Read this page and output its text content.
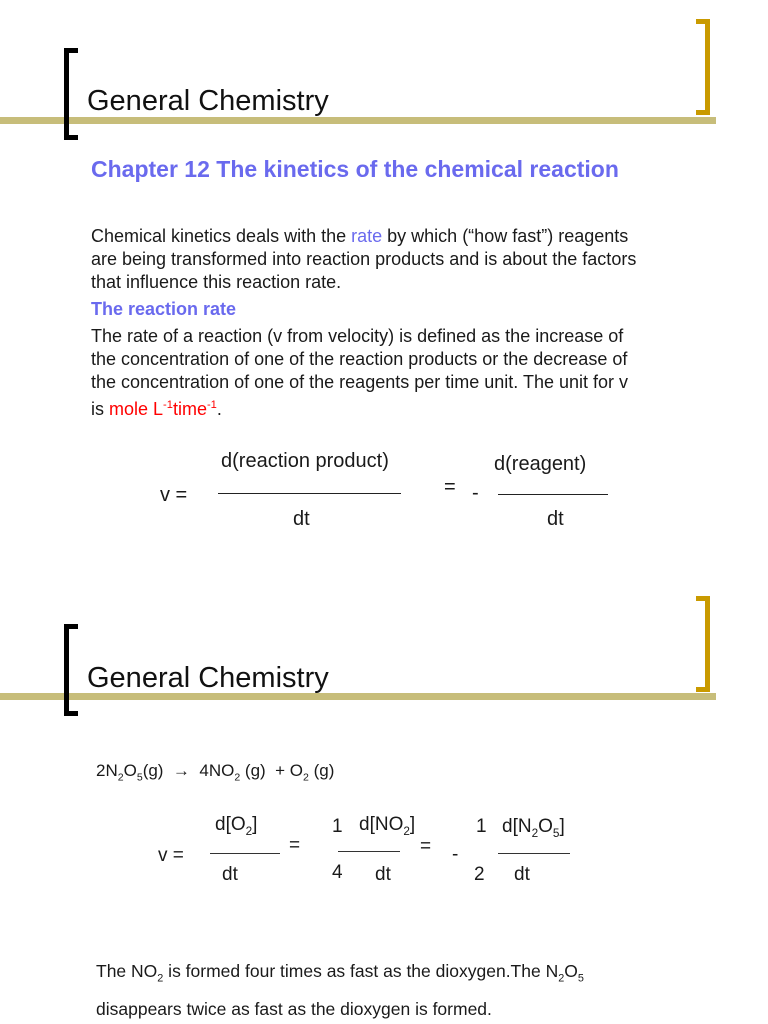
General Chemistry
Chapter 12 The kinetics of the chemical reaction
Chemical kinetics deals with the rate by which (“how fast”) reagents
are being transformed into reaction products and is about the factors
that influence this reaction rate.
The reaction rate
The rate of a reaction (v from velocity) is defined as the increase of
the concentration of one of the reaction products or the decrease of
the concentration of one of the reagents per time unit. The unit for v
is mole $L^{-1}time^{-1}$.
v =
d(reaction product)
dt
= -
d(reagent)
dt
General Chemistry
$2N_2O_5(g) \to 4NO_2$ $(g) + O_2$ (g)
v =
$d[O_2]$
dt
=
1 $d[NO_2]$
4 dt
= -
1 $d[N_2O_5]$
2 dt
The $NO_2$ is formed four times as fast as the dioxygen.The $N_2O_5$
disappears twice as fast as the dioxygen is formed.
